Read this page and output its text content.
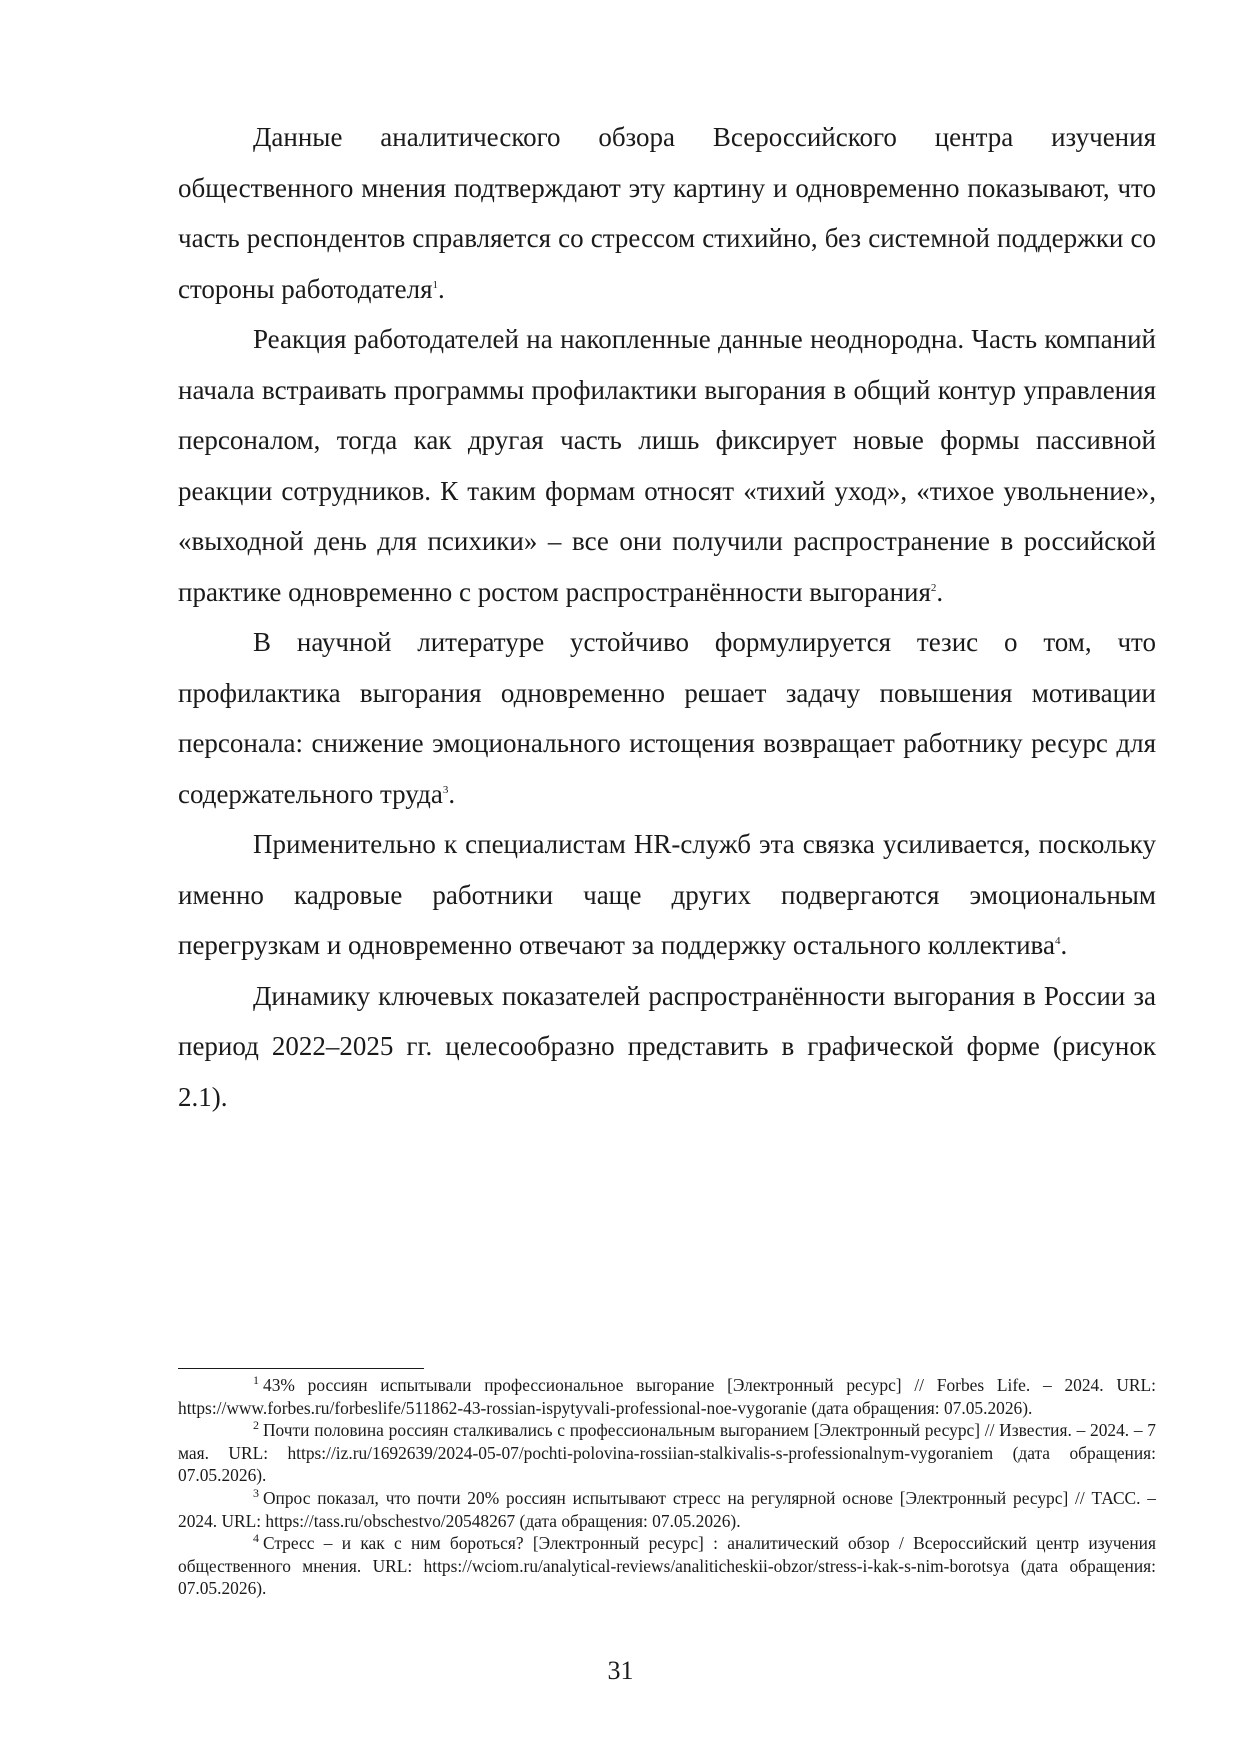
Данные аналитического обзора Всероссийского центра изучения общественного мнения подтверждают эту картину и одновременно показывают, что часть респондентов справляется со стрессом стихийно, без системной поддержки со стороны работодателя$^1$.

Реакция работодателей на накопленные данные неоднородна. Часть компаний начала встраивать программы профилактики выгорания в общий контур управления персоналом, тогда как другая часть лишь фиксирует новые формы пассивной реакции сотрудников. К таким формам относят «тихий уход», «тихое увольнение», «выходной день для психики» – все они получили распространение в российской практике одновременно с ростом распространённости выгорания$^2$.

В научной литературе устойчиво формулируется тезис о том, что профилактика выгорания одновременно решает задачу повышения мотивации персонала: снижение эмоционального истощения возвращает работнику ресурс для содержательного труда$^3$.

Применительно к специалистам HR-служб эта связка усиливается, поскольку именно кадровые работники чаще других подвергаются эмоциональным перегрузкам и одновременно отвечают за поддержку остального коллектива$^4$.

Динамику ключевых показателей распространённости выгорания в России за период 2022–2025 гг. целесообразно представить в графической форме (рисунок 2.1).

$^1$ 43% россиян испытывали профессиональное выгорание [Электронный ресурс] // Forbes Life. – 2024. URL: https://www.forbes.ru/forbeslife/511862-43-rossian-ispytyvali-professional-noe-vygoranie (дата обращения: 07.05.2026).

$^2$ Почти половина россиян сталкивались с профессиональным выгоранием [Электронный ресурс] // Известия. – 2024. – 7 мая. URL: https://iz.ru/1692639/2024-05-07/pochti-polovina-rossiian-stalkivalis-s-professionalnym-vygoraniem (дата обращения: 07.05.2026).

$^3$ Опрос показал, что почти 20% россиян испытывают стресс на регулярной основе [Электронный ресурс] // ТАСС. – 2024. URL: https://tass.ru/obschestvo/20548267 (дата обращения: 07.05.2026).

$^4$ Стресс – и как с ним бороться? [Электронный ресурс] : аналитический обзор / Всероссийский центр изучения общественного мнения. URL: https://wciom.ru/analytical-reviews/analiticheskii-obzor/stress-i-kak-s-nim-borotsya (дата обращения: 07.05.2026).

31
